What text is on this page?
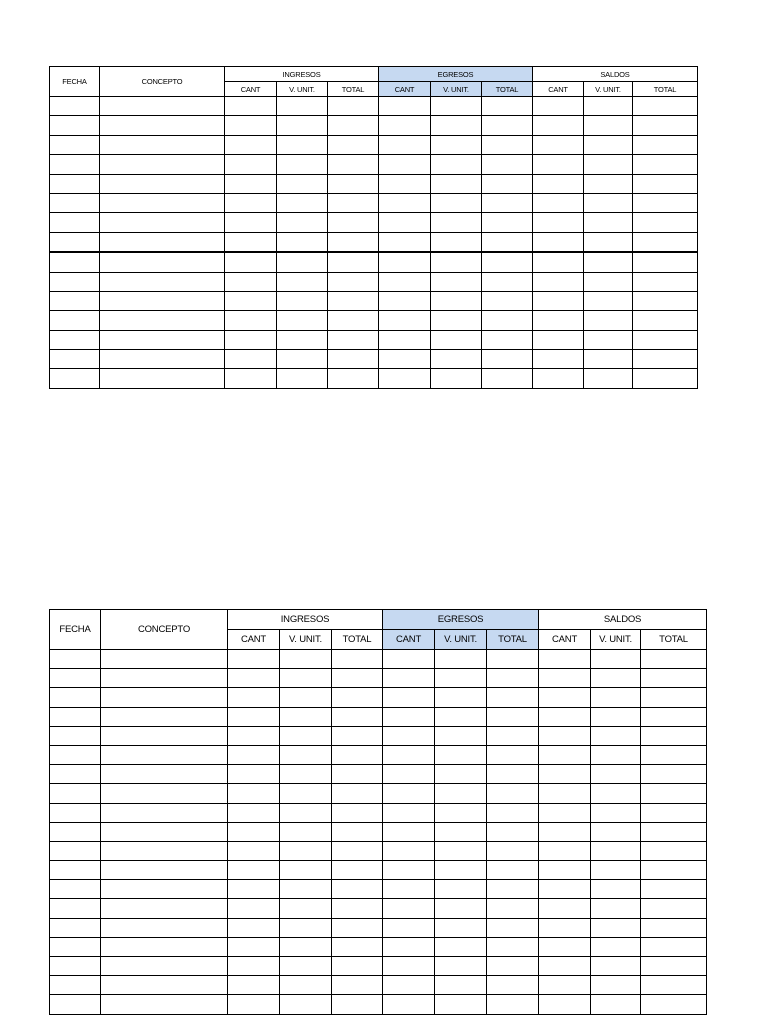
FECHA	CONCEPTO	INGRESOS			EGRESOS			SALDOS		
		CANT	V. UNIT.	TOTAL	CANT	V. UNIT.	TOTAL	CANT	V. UNIT.	TOTAL

FECHA	CONCEPTO	INGRESOS			EGRESOS			SALDOS		
		CANT	V. UNIT.	TOTAL	CANT	V. UNIT.	TOTAL	CANT	V. UNIT.	TOTAL
